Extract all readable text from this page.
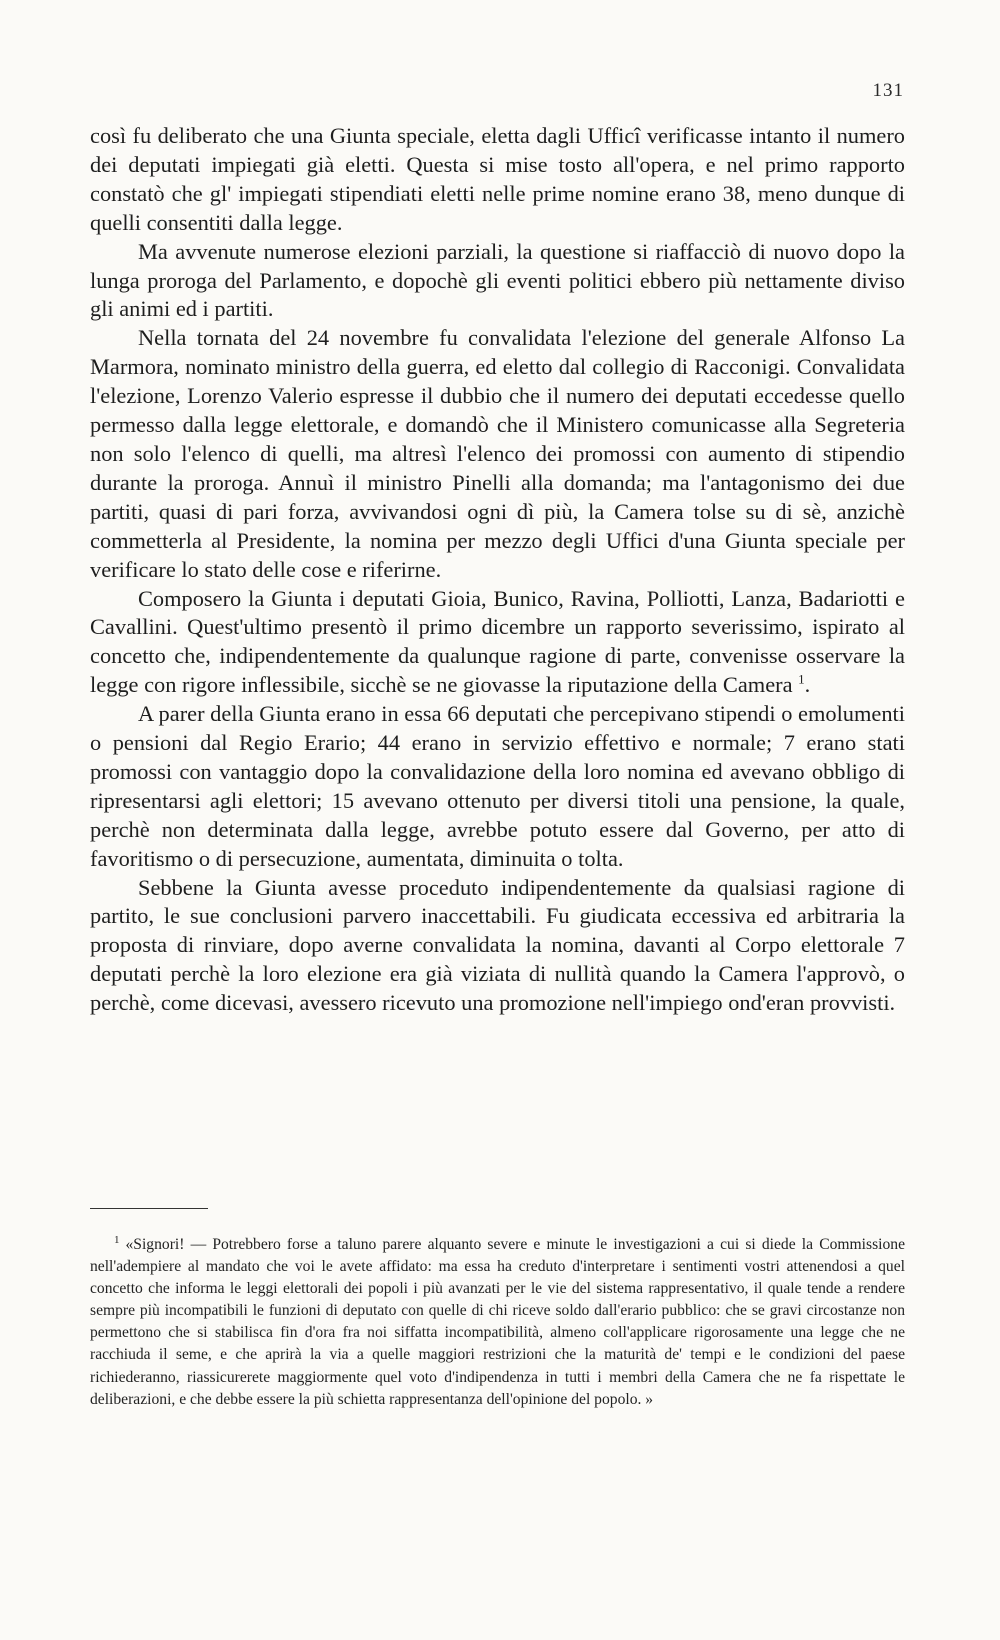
131

così fu deliberato che una Giunta speciale, eletta dagli Ufficî verificasse intanto il numero dei deputati impiegati già eletti. Questa si mise tosto all'opera, e nel primo rapporto constatò che gl' impiegati stipendiati eletti nelle prime nomine erano 38, meno dunque di quelli consentiti dalla legge.

Ma avvenute numerose elezioni parziali, la questione si riaffacciò di nuovo dopo la lunga proroga del Parlamento, e dopochè gli eventi politici ebbero più nettamente diviso gli animi ed i partiti.

Nella tornata del 24 novembre fu convalidata l'elezione del generale Alfonso La Marmora, nominato ministro della guerra, ed eletto dal collegio di Racconigi. Convalidata l'elezione, Lorenzo Valerio espresse il dubbio che il numero dei deputati eccedesse quello permesso dalla legge elettorale, e domandò che il Ministero comunicasse alla Segreteria non solo l'elenco di quelli, ma altresì l'elenco dei promossi con aumento di stipendio durante la proroga. Annuì il ministro Pinelli alla domanda; ma l'antagonismo dei due partiti, quasi di pari forza, avvivandosi ogni dì più, la Camera tolse su di sè, anzichè commetterla al Presidente, la nomina per mezzo degli Uffici d'una Giunta speciale per verificare lo stato delle cose e riferirne.

Composero la Giunta i deputati Gioia, Bunico, Ravina, Polliotti, Lanza, Badariotti e Cavallini. Quest'ultimo presentò il primo dicembre un rapporto severissimo, ispirato al concetto che, indipendentemente da qualunque ragione di parte, convenisse osservare la legge con rigore inflessibile, sicchè se ne giovasse la riputazione della Camera $^1$.

A parer della Giunta erano in essa 66 deputati che percepivano stipendi o emolumenti o pensioni dal Regio Erario; 44 erano in servizio effettivo e normale; 7 erano stati promossi con vantaggio dopo la convalidazione della loro nomina ed avevano obbligo di ripresentarsi agli elettori; 15 avevano ottenuto per diversi titoli una pensione, la quale, perchè non determinata dalla legge, avrebbe potuto essere dal Governo, per atto di favoritismo o di persecuzione, aumentata, diminuita o tolta.

Sebbene la Giunta avesse proceduto indipendentemente da qualsiasi ragione di partito, le sue conclusioni parvero inaccettabili. Fu giudicata eccessiva ed arbitraria la proposta di rinviare, dopo averne convalidata la nomina, davanti al Corpo elettorale 7 deputati perchè la loro elezione era già viziata di nullità quando la Camera l'approvò, o perchè, come dicevasi, avessero ricevuto una promozione nell'impiego ond'eran provvisti.

$^1$ «Signori! — Potrebbero forse a taluno parere alquanto severe e minute le investigazioni a cui si diede la Commissione nell'adempiere al mandato che voi le avete affidato: ma essa ha creduto d'interpretare i sentimenti vostri attenendosi a quel concetto che informa le leggi elettorali dei popoli i più avanzati per le vie del sistema rappresentativo, il quale tende a rendere sempre più incompatibili le funzioni di deputato con quelle di chi riceve soldo dall'erario pubblico: che se gravi circostanze non permettono che si stabilisca fin d'ora fra noi siffatta incompatibilità, almeno coll'applicare rigorosamente una legge che ne racchiuda il seme, e che aprirà la via a quelle maggiori restrizioni che la maturità de' tempi e le condizioni del paese richiederanno, riassicurerete maggiormente quel voto d'indipendenza in tutti i membri della Camera che ne fa rispettate le deliberazioni, e che debbe essere la più schietta rappresentanza dell'opinione del popolo. »
